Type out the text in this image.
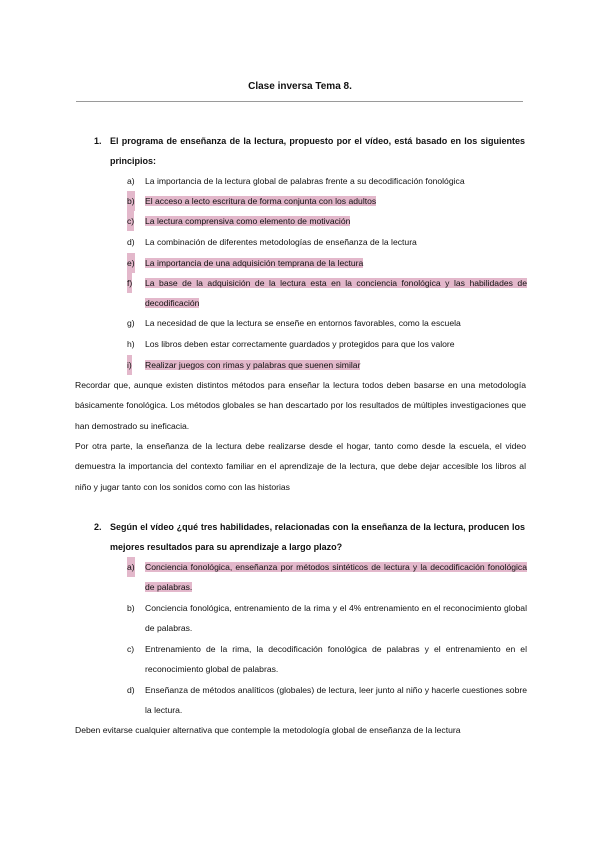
Clase inversa Tema 8.
1. El programa de enseñanza de la lectura, propuesto por el vídeo, está basado en los siguientes principios:
a) La importancia de la lectura global de palabras frente a su decodificación fonológica
b) El acceso a lecto escritura de forma conjunta con los adultos
c) La lectura comprensiva como elemento de motivación
d) La combinación de diferentes metodologías de enseñanza de la lectura
e) La importancia de una adquisición temprana de la lectura
f) La base de la adquisición de la lectura esta en la conciencia fonológica y las habilidades de decodificación
g) La necesidad de que la lectura se enseñe en entornos favorables, como la escuela
h) Los libros deben estar correctamente guardados y protegidos para que los valore
i) Realizar juegos con rimas y palabras que suenen similar
Recordar que, aunque existen distintos métodos para enseñar la lectura todos deben basarse en una metodología básicamente fonológica. Los métodos globales se han descartado por los resultados de múltiples investigaciones que han demostrado su ineficacia.
Por otra parte, la enseñanza de la lectura debe realizarse desde el hogar, tanto como desde la escuela, el video demuestra la importancia del contexto familiar en el aprendizaje de la lectura, que debe dejar accesible los libros al niño y jugar tanto con los sonidos como con las historias
2. Según el vídeo ¿qué tres habilidades, relacionadas con la enseñanza de la lectura, producen los mejores resultados para su aprendizaje a largo plazo?
a) Conciencia fonológica, enseñanza por métodos sintéticos de lectura y la decodificación fonológica de palabras.
b) Conciencia fonológica, entrenamiento de la rima y el 4% entrenamiento en el reconocimiento global de palabras.
c) Entrenamiento de la rima, la decodificación fonológica de palabras y el entrenamiento en el reconocimiento global de palabras.
d) Enseñanza de métodos analíticos (globales) de lectura, leer junto al niño y hacerle cuestiones sobre la lectura.
Deben evitarse cualquier alternativa que contemple la metodología global de enseñanza de la lectura
